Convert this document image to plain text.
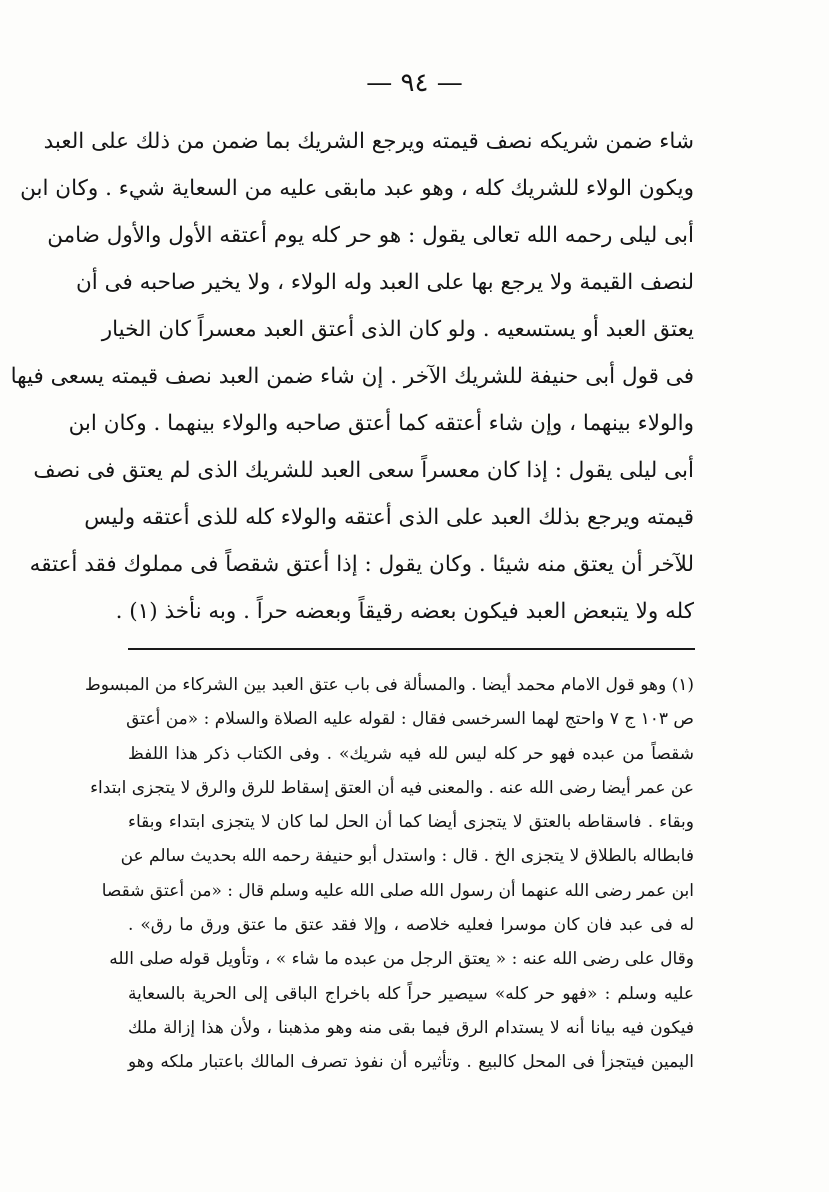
— ٩٤ —
شاء ضمن شريكه نصف قيمته ويرجع الشريك بما ضمن من ذلك على العبد
ويكون الولاء للشريك كله ، وهو عبد مابقى عليه من السعاية شيء . وكان ابن
أبى ليلى رحمه الله تعالى يقول : هو حر كله يوم أعتقه الأول والأول ضامن
لنصف القيمة ولا يرجع بها على العبد وله الولاء ، ولا يخير صاحبه فى أن
يعتق العبد أو يستسعيه . ولو كان الذى أعتق العبد معسراً كان الخيار
فى قول أبى حنيفة للشريك الآخر . إن شاء ضمن العبد نصف قيمته يسعى فيها
والولاء بينهما ، وإن شاء أعتقه كما أعتق صاحبه والولاء بينهما . وكان ابن
أبى ليلى يقول : إذا كان معسراً سعى العبد للشريك الذى لم يعتق فى نصف
قيمته ويرجع بذلك العبد على الذى أعتقه والولاء كله للذى أعتقه وليس
للآخر أن يعتق منه شيئا . وكان يقول : إذا أعتق شقصاً فى مملوك فقد أعتقه
كله ولا يتبعض العبد فيكون بعضه رقيقاً وبعضه حراً . وبه نأخذ (١) .
(١) وهو قول الامام محمد أيضا . والمسألة فى باب عتق العبد بين الشركاء من المبسوط
ص ١٠٣ ج ٧ واحتج لهما السرخسى فقال : لقوله عليه الصلاة والسلام : «من أعتق
شقصاً من عبده فهو حر كله ليس لله فيه شريك» . وفى الكتاب ذكر هذا اللفظ
عن عمر أيضا رضى الله عنه . والمعنى فيه أن العتق إسقاط للرق والرق لا يتجزى ابتداء
وبقاء . فاسقاطه بالعتق لا يتجزى أيضا كما أن الحل لما كان لا يتجزى ابتداء وبقاء
فابطاله بالطلاق لا يتجزى الخ . قال : واستدل أبو حنيفة رحمه الله بحديث سالم عن
ابن عمر رضى الله عنهما أن رسول الله صلى الله عليه وسلم قال : «من أعتق شقصا
له فى عبد فان كان موسرا فعليه خلاصه ، وإلا فقد عتق ما عتق ورق ما رق» .
وقال على رضى الله عنه : « يعتق الرجل من عبده ما شاء » ، وتأويل قوله صلى الله
عليه وسلم : «فهو حر كله» سيصير حراً كله باخراج الباقى إلى الحرية بالسعاية
فيكون فيه بيانا أنه لا يستدام الرق فيما بقى منه وهو مذهبنا ، ولأن هذا إزالة ملك
اليمين فيتجزأ فى المحل كالبيع . وتأثيره أن نفوذ تصرف المالك باعتبار ملكه وهو
